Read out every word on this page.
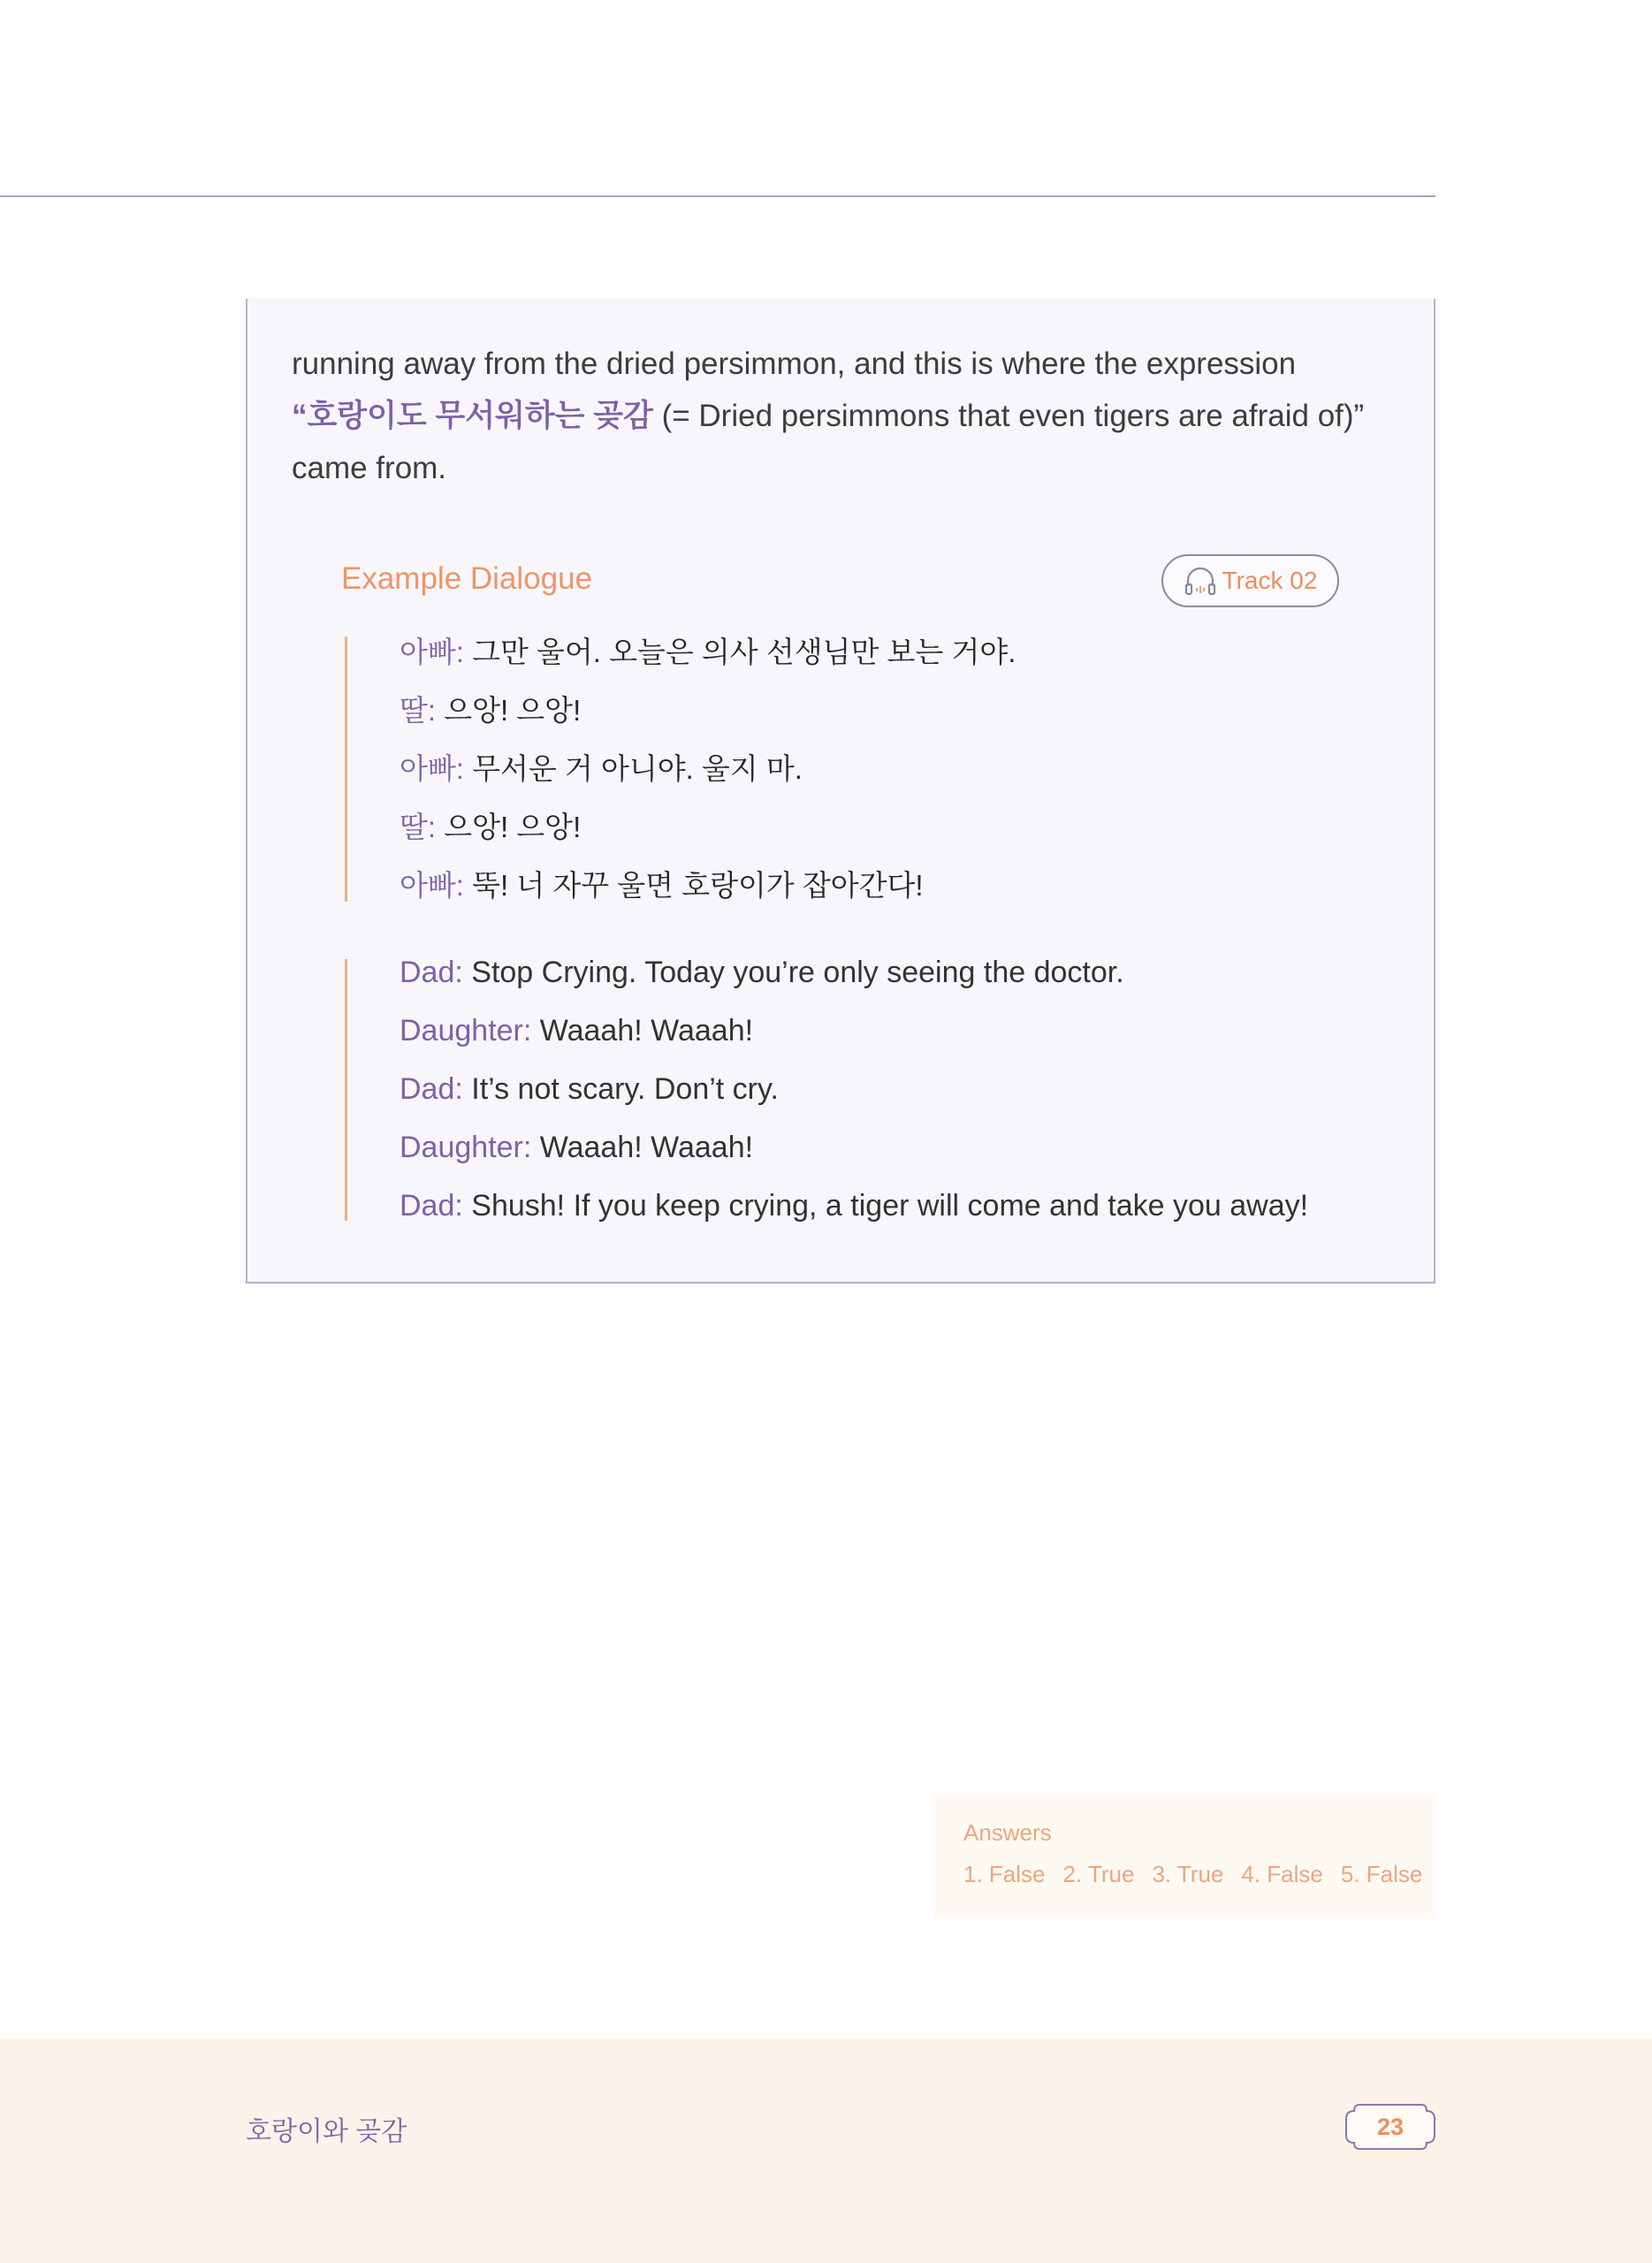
running away from the dried persimmon, and this is where the expression
“호랑이도 무서워하는 곶감 (= Dried persimmons that even tigers are afraid of)”
came from.
Example Dialogue	Track 02
아빠: 그만 울어. 오늘은 의사 선생님만 보는 거야.
딸: 으앙! 으앙!
아빠: 무서운 거 아니야. 울지 마.
딸: 으앙! 으앙!
아빠: 뚝! 너 자꾸 울면 호랑이가 잡아간다!
Dad: Stop Crying. Today you’re only seeing the doctor.
Daughter: Waaah! Waaah!
Dad: It’s not scary. Don’t cry.
Daughter: Waaah! Waaah!
Dad: Shush! If you keep crying, a tiger will come and take you away!
Answers
1. False 2. True 3. True 4. False 5. False
호랑이와 곶감	23
